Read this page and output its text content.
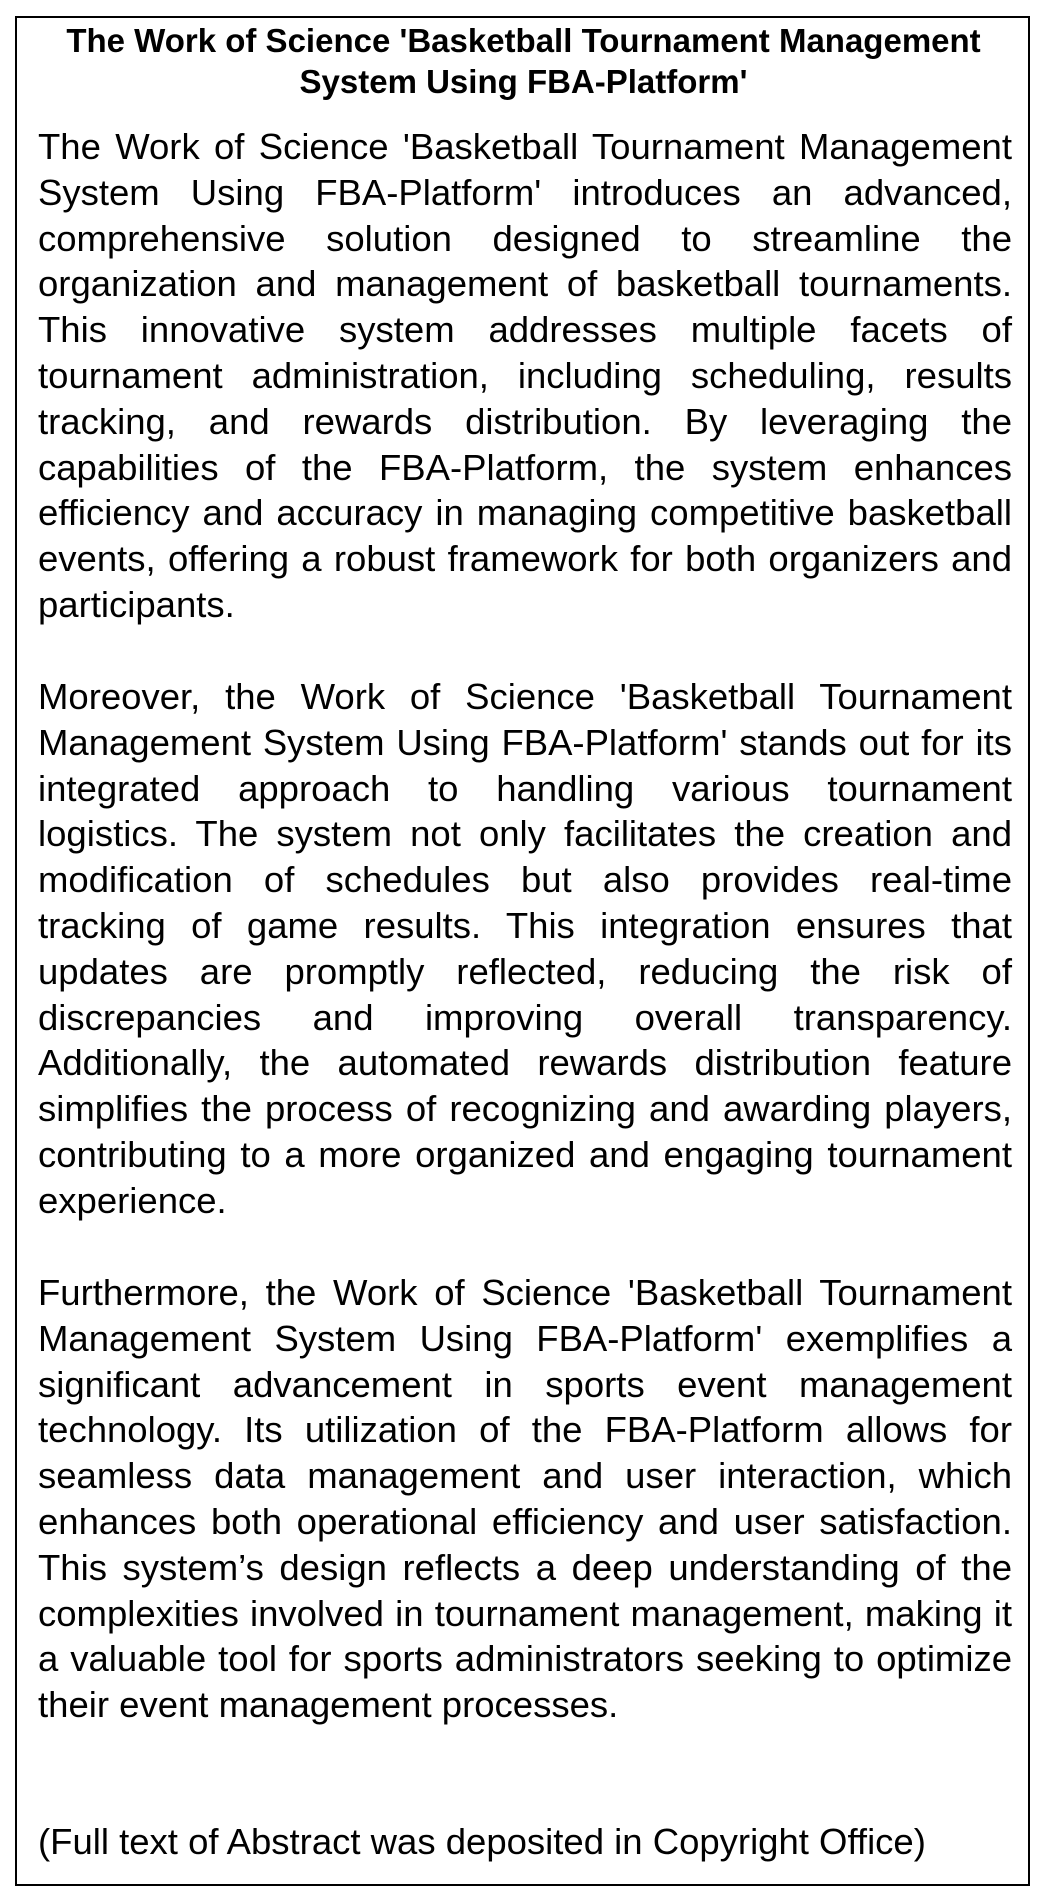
The Work of Science 'Basketball Tournament Management System Using FBA-Platform'

The Work of Science 'Basketball Tournament Management System Using FBA-Platform' introduces an advanced, comprehensive solution designed to streamline the organization and management of basketball tournaments. This innovative system addresses multiple facets of tournament administration, including scheduling, results tracking, and rewards distribution. By leveraging the capabilities of the FBA-Platform, the system enhances efficiency and accuracy in managing competitive basketball events, offering a robust framework for both organizers and participants.

Moreover, the Work of Science 'Basketball Tournament Management System Using FBA-Platform' stands out for its integrated approach to handling various tournament logistics. The system not only facilitates the creation and modification of schedules but also provides real-time tracking of game results. This integration ensures that updates are promptly reflected, reducing the risk of discrepancies and improving overall transparency. Additionally, the automated rewards distribution feature simplifies the process of recognizing and awarding players, contributing to a more organized and engaging tournament experience.

Furthermore, the Work of Science 'Basketball Tournament Management System Using FBA-Platform' exemplifies a significant advancement in sports event management technology. Its utilization of the FBA-Platform allows for seamless data management and user interaction, which enhances both operational efficiency and user satisfaction. This system’s design reflects a deep understanding of the complexities involved in tournament management, making it a valuable tool for sports administrators seeking to optimize their event management processes.

(Full text of Abstract was deposited in Copyright Office)
